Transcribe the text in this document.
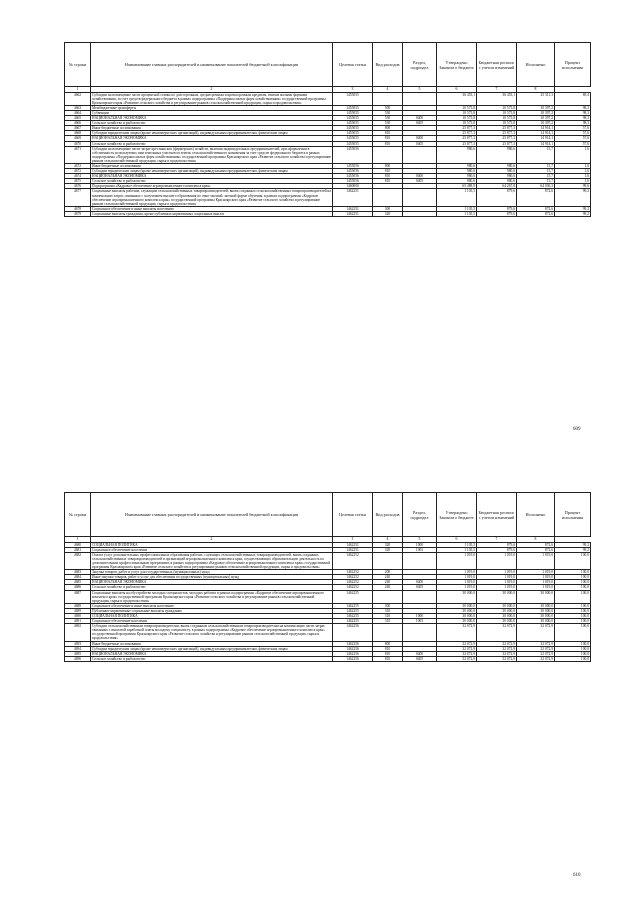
№ строки	Наименование главных распорядителей и наименование показателей бюджетной классификации	Целевая статья	Вид расходов	Раздел, подраздел	Утверждено Законом о бюджете	Бюджетная роспись с учетом изменений	Исполнено	Процент исполнения
1	2	3	4	5	6	7	8	
4662	Субсидии на возмещение части процентной ставки по долгосрочным, среднесрочным и краткосрочным кредитам, взятым малыми формами хозяйствования, за счет средств федерального бюджета в рамках подпрограммы «Поддержка малых форм хозяйствования» государственной программы Красноярского края «Развитие сельского хозяйства и регулирование рынков сельскохозяйственной продукции, сырья и продовольствия»	1455055			36 453,1	36 453,1	25 311,3	69,4
4663	Межбюджетные трансферты	1455055	500		10 575,8	10 575,8	10 397,2	98,3
4664	Субвенции	1455055	530		10 575,8	10 575,8	10 397,2	98,3
4665	НАЦИОНАЛЬНАЯ ЭКОНОМИКА	1455055	530	0400	10 575,8	10 575,8	10 397,2	98,3
4666	Сельское хозяйство и рыболовство	1455055	530	0405	10 575,8	10 575,8	10 397,2	98,3
4667	Иные бюджетные ассигнования	1455055	800		25 877,3	25 877,3	14 914,1	57,6
4668	Субсидии юридическим лицам (кроме некоммерческих организаций), индивидуальным предпринимателям, физическим лицам	1455055	810		25 877,3	25 877,3	14 914,1	57,6
4669	НАЦИОНАЛЬНАЯ ЭКОНОМИКА	1455055	810	0400	25 877,3	25 877,3	14 914,1	57,6
4670	Сельское хозяйство и рыболовство	1455055	810	0405	25 877,3	25 877,3	14 914,1	57,6
4671	Субсидии на возмещение части затрат крестьянских (фермерских) хозяйств, включая индивидуальных предпринимателей, при оформлении в собственность используемых ими земельных участков из земель сельскохозяйственного назначения за счет средств федерального бюджета в рамках подпрограммы «Поддержка малых форм хозяйствования» государственной программы Красноярского края «Развитие сельского хозяйства и регулирование рынков сельскохозяйственной продукции, сырья и продовольствия»	1455056			980,6	980,6	15,7	1,6
4672	Иные бюджетные ассигнования	1455056	800		980,6	980,6	15,7	1,6
4673	Субсидии юридическим лицам (кроме некоммерческих организаций), индивидуальным предпринимателям, физическим лицам	1455056	810		980,6	980,6	15,7	1,6
4674	НАЦИОНАЛЬНАЯ ЭКОНОМИКА	1455056	810	0400	980,6	980,6	15,7	1,6
4675	Сельское хозяйство и рыболовство	1455056	810	0405	980,6	980,6	15,7	1,6
4676	Подпрограмма «Кадровое обеспечение агропромышленного комплекса края»	1460000			65 488,9	64 267,8	64 036,3	99,6
4677	Социальные выплаты рабочим, служащим сельскохозяйственных товаропроизводителей, вновь созданных сельскохозяйственных товаропроизводителей на компенсацию затрат, связанных с получением высшего образования по очно-заочной, заочной форме обучения, в рамках подпрограммы «Кадровое обеспечение агропромышленного комплекса края» государственной программы Красноярского края «Развитие сельского хозяйства и регулирование рынков сельскохозяйственной продукции, сырья и продовольствия»	1462251			1 105,5	879,6	872,6	99,2
4678	Социальное обеспечение и иные выплаты населению	1462251	300		1 105,5	879,6	872,6	99,2
4679	Социальные выплаты гражданам, кроме публичных нормативных социальных выплат	1462251	320		1 105,5	879,6	872,6	99,2
609
№ строки	Наименование главных распорядителей и наименование показателей бюджетной классификации	Целевая статья	Вид расходов	Раздел, подраздел	Утверждено Законом о бюджете	Бюджетная роспись с учетом изменений	Исполнено	Процент исполнения
1	2	3	4	5	6	7	8	
4680	СОЦИАЛЬНАЯ ПОЛИТИКА	1462251	320	1000	1 105,5	879,6	872,6	99,2
4681	Социальное обеспечение населения	1462251	320	1003	1 105,5	879,6	872,6	99,2
4682	Оплата услуг дополнительных профессиональных образования рабочих, служащих сельскохозяйственных товаропроизводителей, вновь созданных сельскохозяйственных товаропроизводителей и организаций агропромышленного комплекса края, осуществляющих образовательную деятельность по дополнительным профессиональным программам, в рамках подпрограммы «Кадровое обеспечение агропромышленного комплекса края» государственной программы Красноярского края «Развитие сельского хозяйства и регулирование рынков сельскохозяйственной продукции, сырья и продовольствия»	1462252			1 019,0	1 019,0	1 019,0	100,0
4683	Закупка товаров, работ и услуг для государственных (муниципальных) нужд	1462252	200		1 019,0	1 019,0	1 019,0	100,0
4684	Иные закупки товаров, работ и услуг для обеспечения государственных (муниципальных) нужд	1462252	240		1 019,0	1 019,0	1 019,0	100,0
4685	НАЦИОНАЛЬНАЯ ЭКОНОМИКА	1462252	240	0400	1 019,0	1 019,0	1 019,0	100,0
4686	Сельское хозяйство и рыболовство	1462252	240	0405	1 019,0	1 019,0	1 019,0	100,0
4687	Социальные выплаты на обустройство молодых специалистов, молодых рабочих в рамках подпрограммы «Кадровое обеспечение агропромышленного комплекса края» государственной программы Красноярского края «Развитие сельского хозяйства и регулирование рынков сельскохозяйственной продукции, сырья и продовольствия»	1462255			30 000,0	30 000,0	30 000,0	100,0
4688	Социальное обеспечение и иные выплаты населению	1462255	300		30 000,0	30 000,0	30 000,0	100,0
4689	Публичные нормативные социальные выплаты гражданам	1462255	310		30 000,0	30 000,0	30 000,0	100,0
4690	СОЦИАЛЬНАЯ ПОЛИТИКА	1462255	310	1000	30 000,0	30 000,0	30 000,0	100,0
4691	Социальное обеспечение населения	1462255	310	1003	30 000,0	30 000,0	30 000,0	100,0
4692	Субсидии сельскохозяйственным товаропроизводителям, вновь созданным сельскохозяйственным товаропроизводителям на компенсацию части затрат, связанных с выплатой заработной платы молодому специалисту, в рамках подпрограммы «Кадровое обеспечение агропромышленного комплекса края» государственной программы Красноярского края «Развитие сельского хозяйства и регулирование рынков сельскохозяйственной продукции, сырья и продовольствия»	1462256			32 072,9	32 072,9	32 072,9	100,0
4693	Иные бюджетные ассигнования	1462256	800		32 072,9	32 072,9	32 072,9	100,0
4694	Субсидии юридическим лицам (кроме некоммерческих организаций), индивидуальным предпринимателям, физическим лицам	1462256	810		32 072,9	32 072,9	32 072,9	100,0
4695	НАЦИОНАЛЬНАЯ ЭКОНОМИКА	1462256	810	0400	32 072,9	32 072,9	32 072,9	100,0
4696	Сельское хозяйство и рыболовство	1462256	810	0405	32 072,9	32 072,9	32 072,9	100,0
610
